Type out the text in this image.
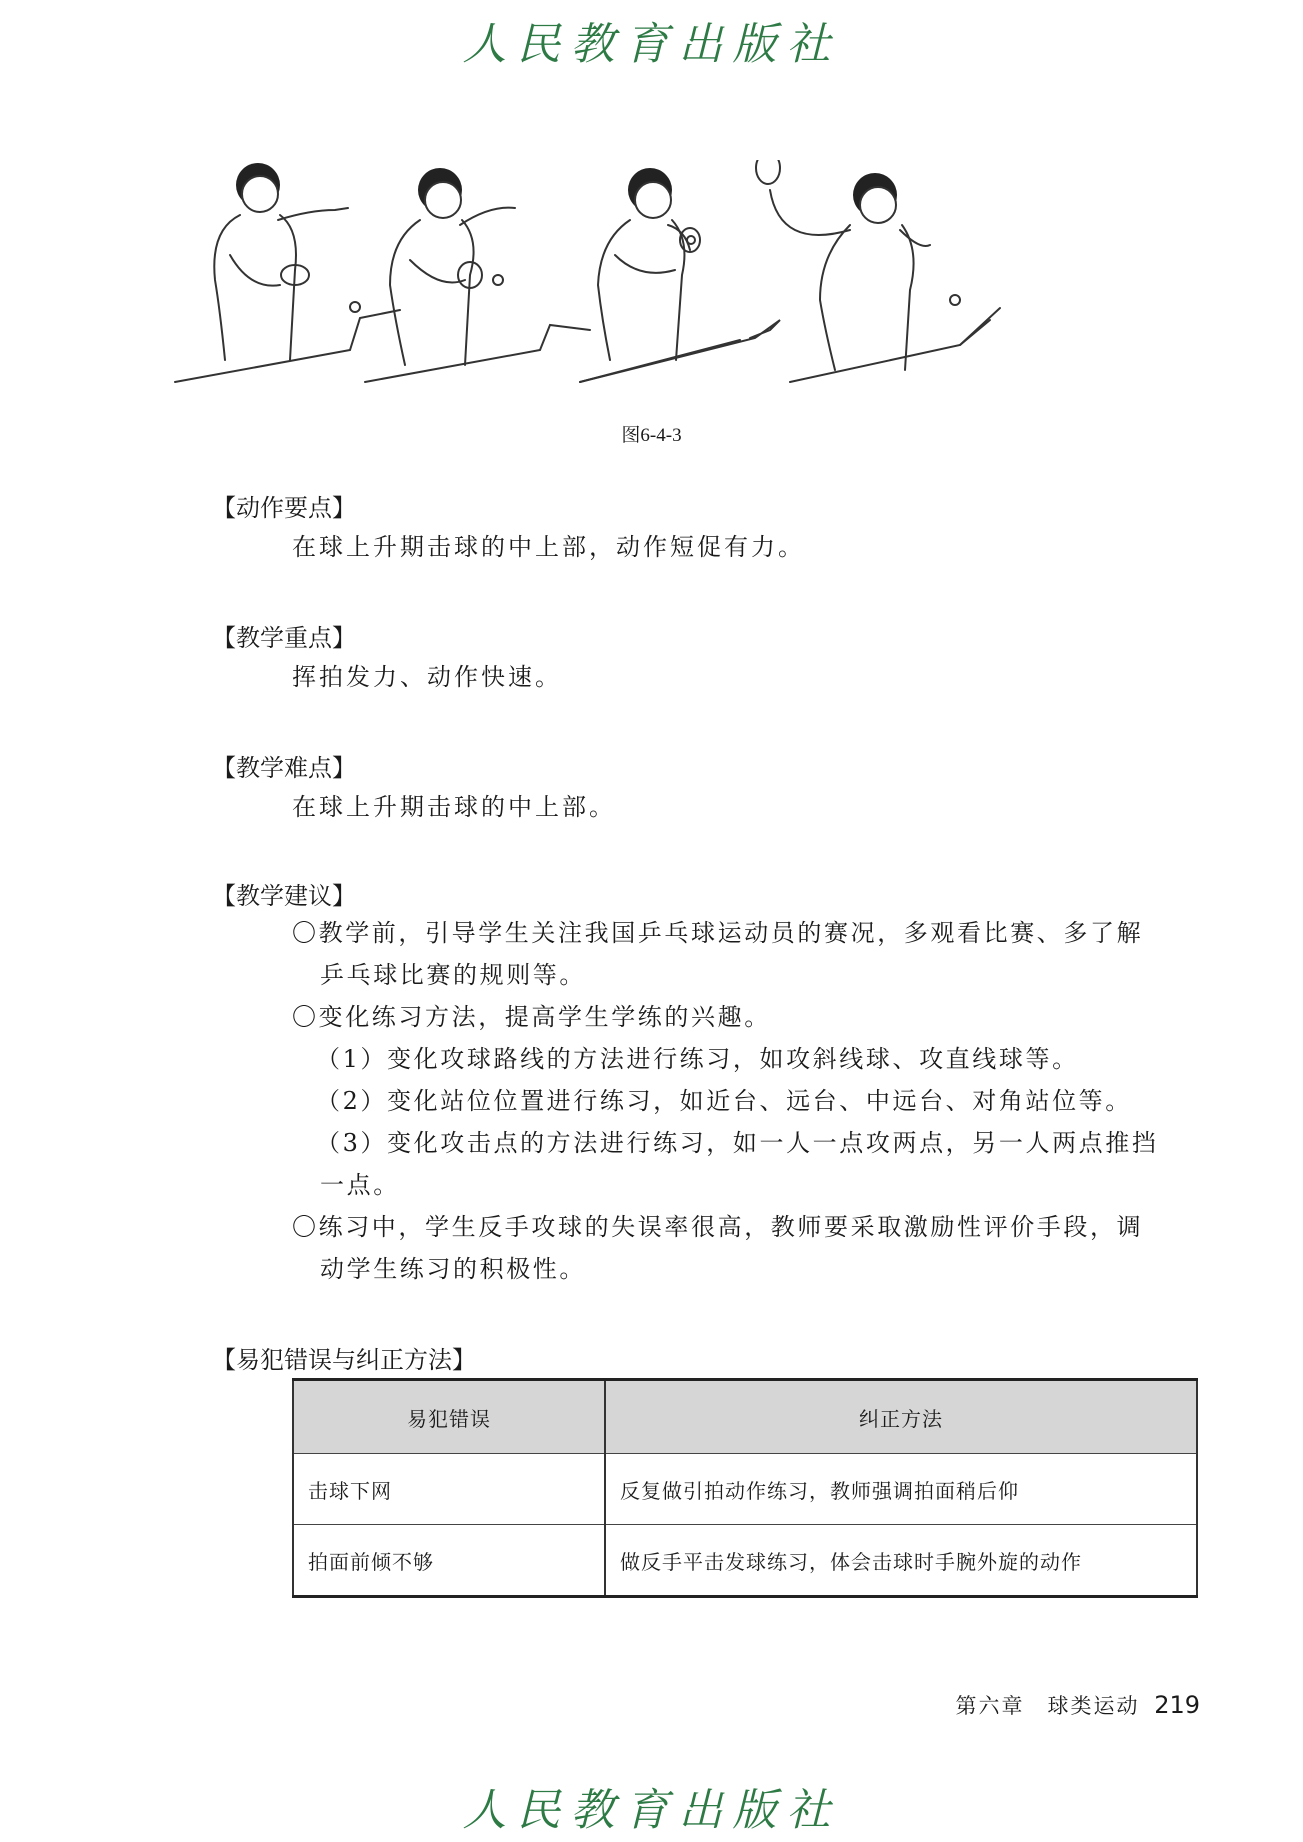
人民教育出版社
图6-4-3
【动作要点】
在球上升期击球的中上部，动作短促有力。
【教学重点】
挥拍发力、动作快速。
【教学难点】
在球上升期击球的中上部。
【教学建议】

〇教学前，引导学生关注我国乒乓球运动员的赛况，多观看比赛、多了解

乒乓球比赛的规则等。

〇变化练习方法，提高学生学练的兴趣。

（1）变化攻球路线的方法进行练习，如攻斜线球、攻直线球等。

（2）变化站位位置进行练习，如近台、远台、中远台、对角站位等。

（3）变化攻击点的方法进行练习，如一人一点攻两点，另一人两点推挡

一点。

〇练习中，学生反手攻球的失误率很高，教师要采取激励性评价手段，调

动学生练习的积极性。

【易犯错误与纠正方法】
易犯错误	纠正方法
击球下网	反复做引拍动作练习，教师强调拍面稍后仰
拍面前倾不够	做反手平击发球练习，体会击球时手腕外旋的动作
第六章　球类运动 219
人民教育出版社
